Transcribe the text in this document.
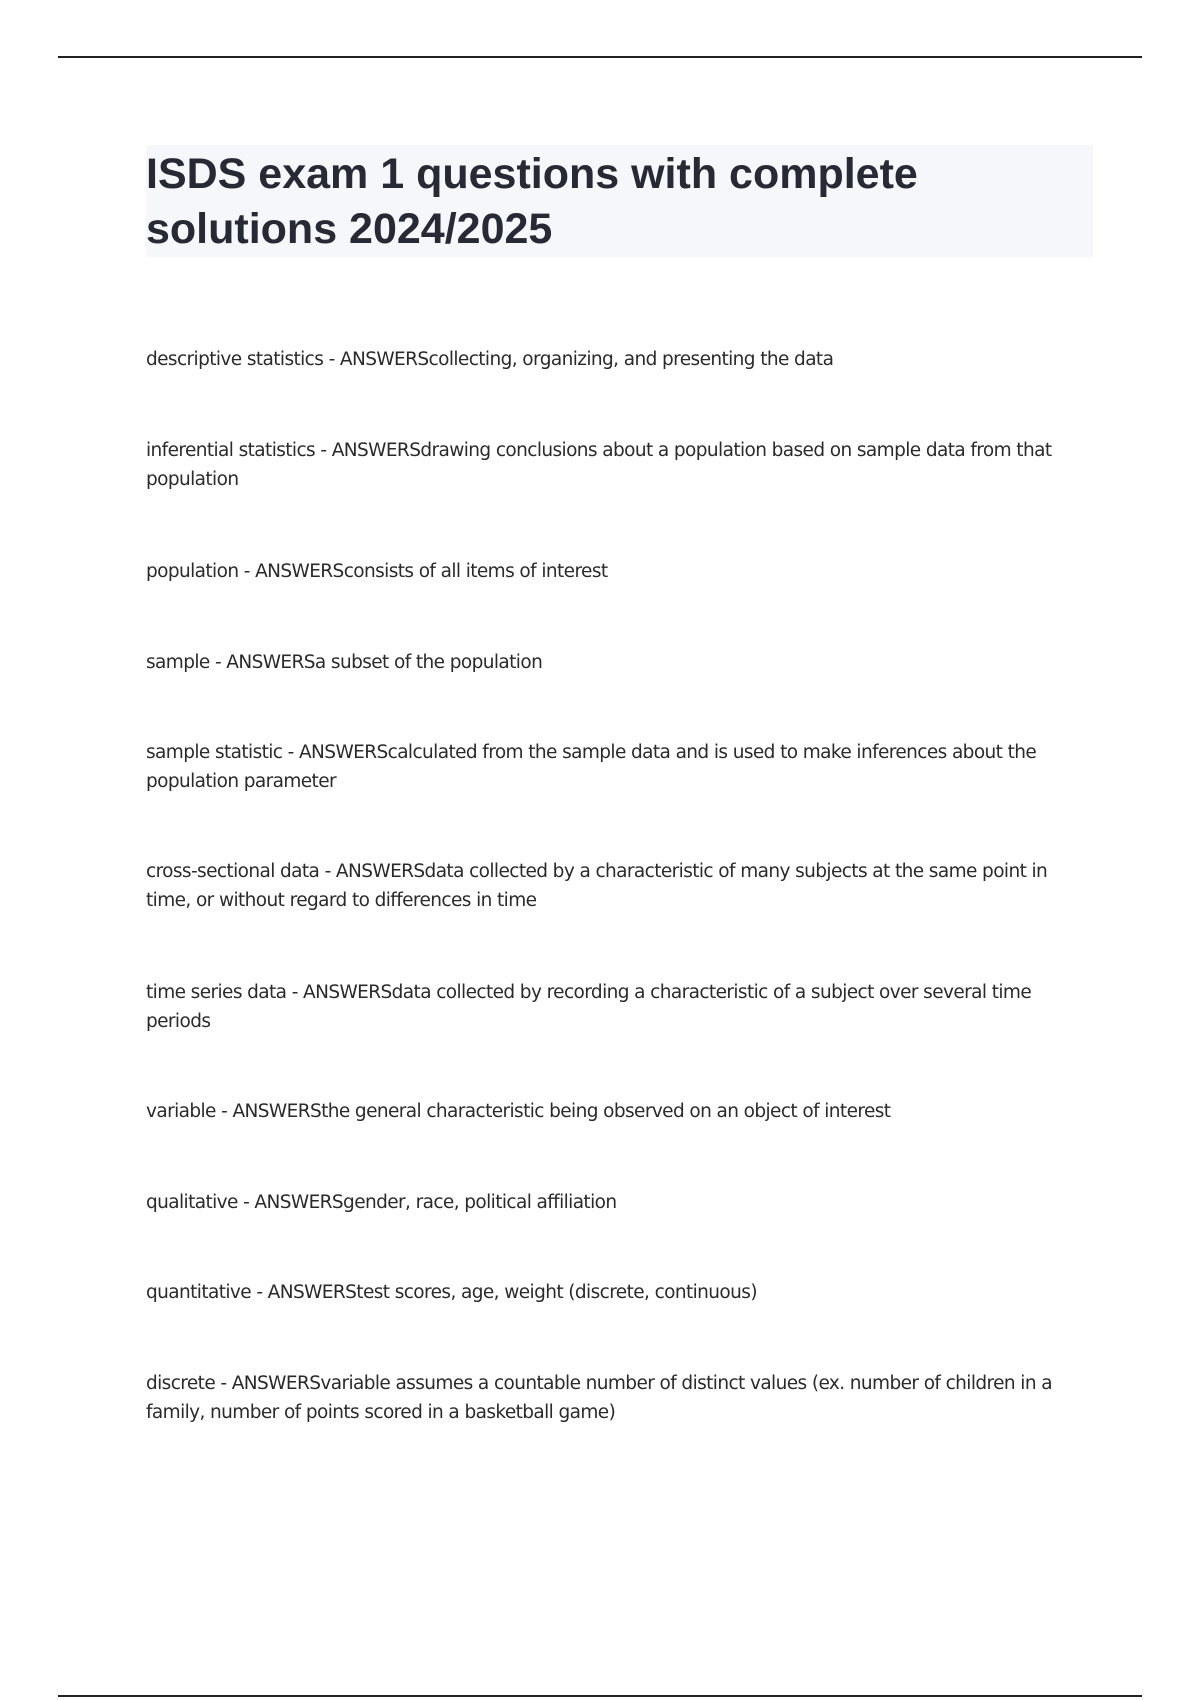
ISDS exam 1 questions with complete solutions 2024/2025
descriptive statistics - ANSWERScollecting, organizing, and presenting the data
inferential statistics - ANSWERSdrawing conclusions about a population based on sample data from that population
population - ANSWERSconsists of all items of interest
sample - ANSWERSa subset of the population
sample statistic - ANSWERScalculated from the sample data and is used to make inferences about the population parameter
cross-sectional data - ANSWERSdata collected by a characteristic of many subjects at the same point in time, or without regard to differences in time
time series data - ANSWERSdata collected by recording a characteristic of a subject over several time periods
variable - ANSWERSthe general characteristic being observed on an object of interest
qualitative - ANSWERSgender, race, political affiliation
quantitative - ANSWERStest scores, age, weight (discrete, continuous)
discrete - ANSWERSvariable assumes a countable number of distinct values (ex. number of children in a family, number of points scored in a basketball game)
